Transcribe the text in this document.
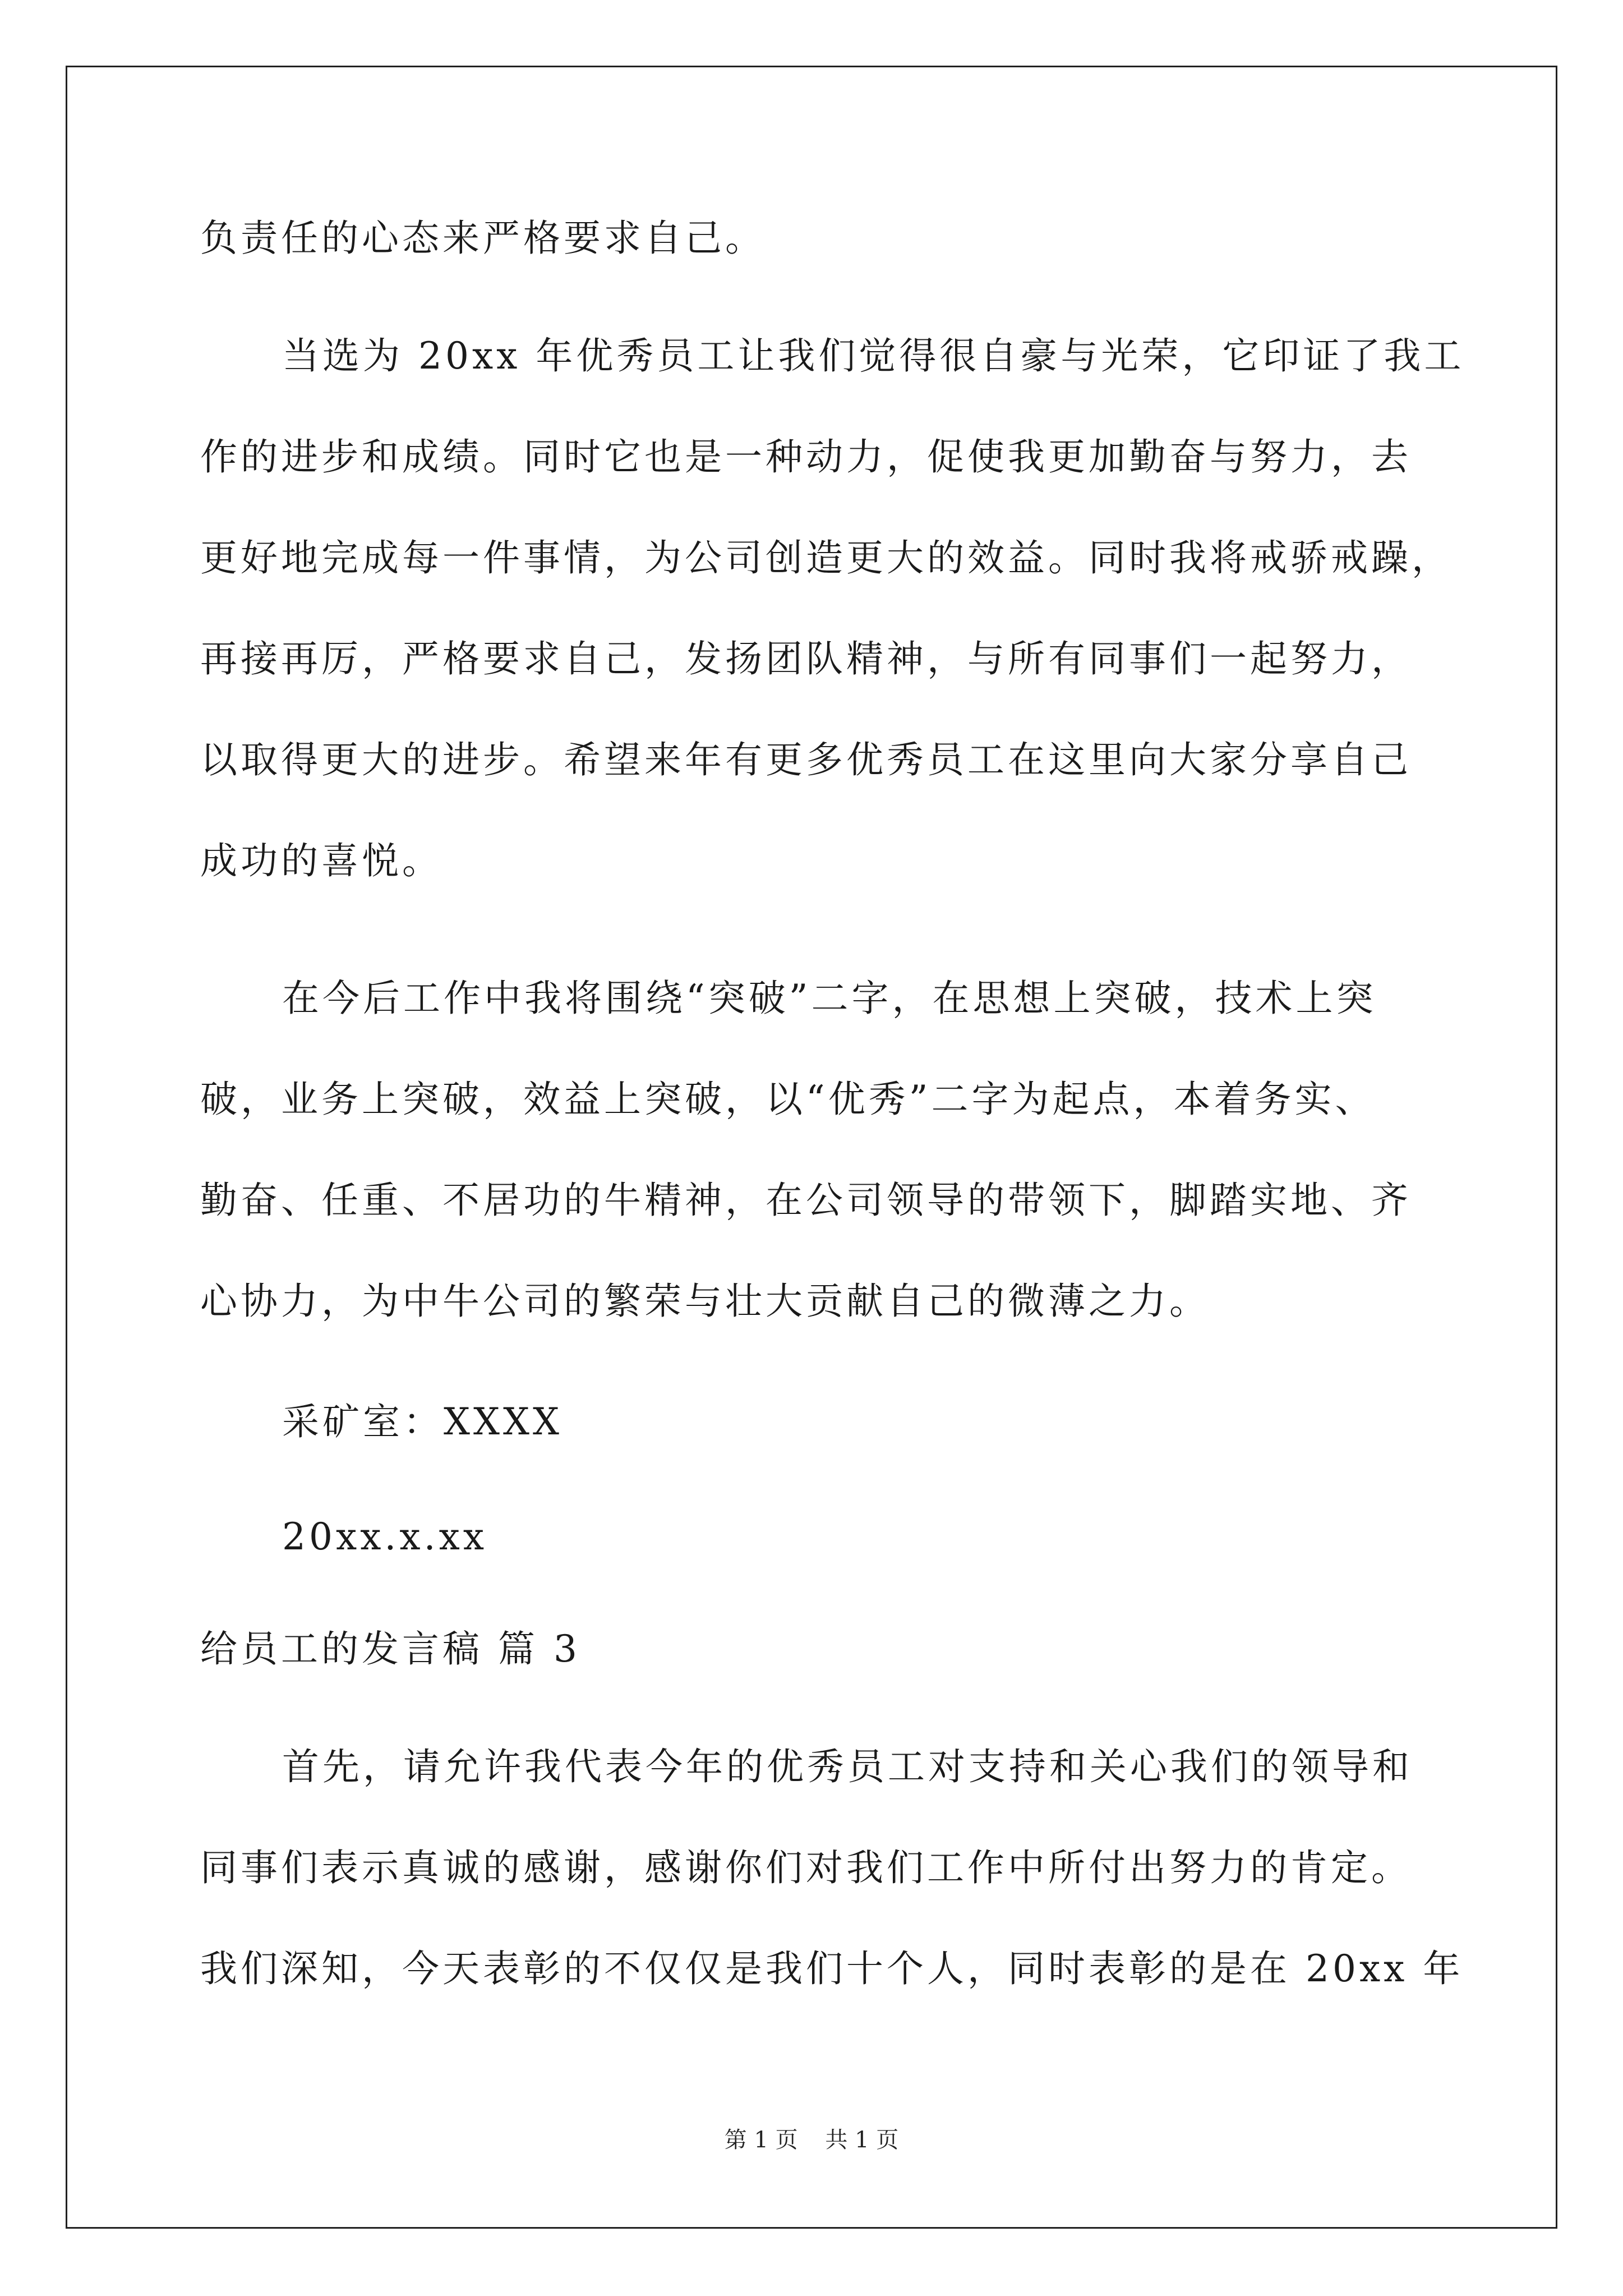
负责任的心态来严格要求自己。
当选为 20xx 年优秀员工让我们觉得很自豪与光荣，它印证了我工
作的进步和成绩。同时它也是一种动力，促使我更加勤奋与努力，去
更好地完成每一件事情，为公司创造更大的效益。同时我将戒骄戒躁，
再接再厉，严格要求自己，发扬团队精神，与所有同事们一起努力，
以取得更大的进步。希望来年有更多优秀员工在这里向大家分享自己
成功的喜悦。
在今后工作中我将围绕“突破”二字，在思想上突破，技术上突
破，业务上突破，效益上突破，以“优秀”二字为起点，本着务实、
勤奋、任重、不居功的牛精神，在公司领导的带领下，脚踏实地、齐
心协力，为中牛公司的繁荣与壮大贡献自己的微薄之力。
采矿室：XXXX
20xx.x.xx
给员工的发言稿 篇 3
首先，请允许我代表今年的优秀员工对支持和关心我们的领导和
同事们表示真诚的感谢，感谢你们对我们工作中所付出努力的肯定。
我们深知，今天表彰的不仅仅是我们十个人，同时表彰的是在 20xx 年
第 1 页 共 1 页
